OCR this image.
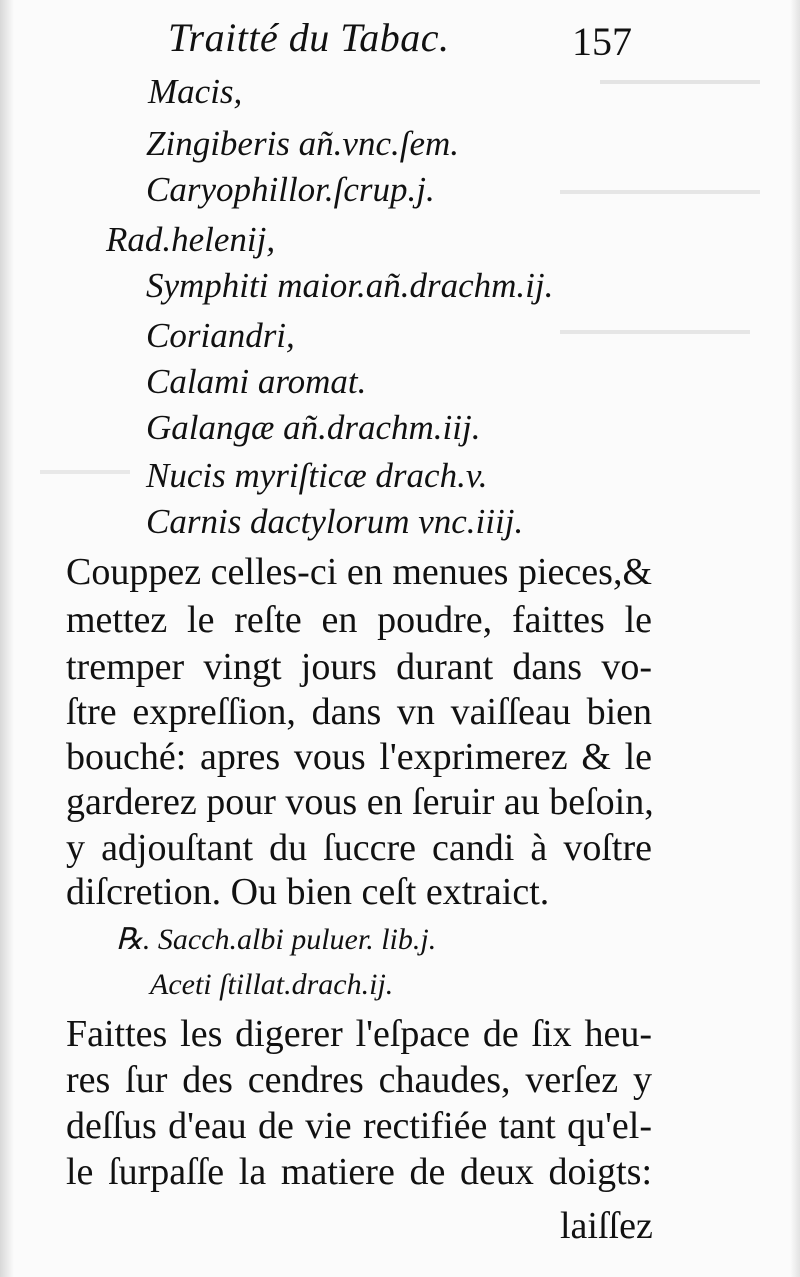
Traitté du Tabac.	157
Macis,
Zingiberis añ.vnc.ſem.
Caryophillor.ſcrup.j.
Rad.helenij,
Symphiti maior.añ.drachm.ij.
Coriandri,
Calami aromat.
Galangæ añ.drachm.iij.
Nucis myriſticæ drach.v.
Carnis dactylorum vnc.iiij.
Couppez celles-ci en menues pieces,&
mettez le reſte en poudre, faittes le
tremper vingt jours durant dans vo-
ſtre expreſſion, dans vn vaiſſeau bien
bouché: apres vous l'exprimerez & le
garderez pour vous en ſeruir au beſoin,
y adjouſtant du ſuccre candi à voſtre
diſcretion. Ou bien ceſt extraict.
℞. Sacch.albi puluer. lib.j.
Aceti ſtillat.drach.ij.
Faittes les digerer l'eſpace de ſix heu-
res ſur des cendres chaudes, verſez y
deſſus d'eau de vie rectifiée tant qu'el-
le ſurpaſſe la matiere de deux doigts:
laiſſez
